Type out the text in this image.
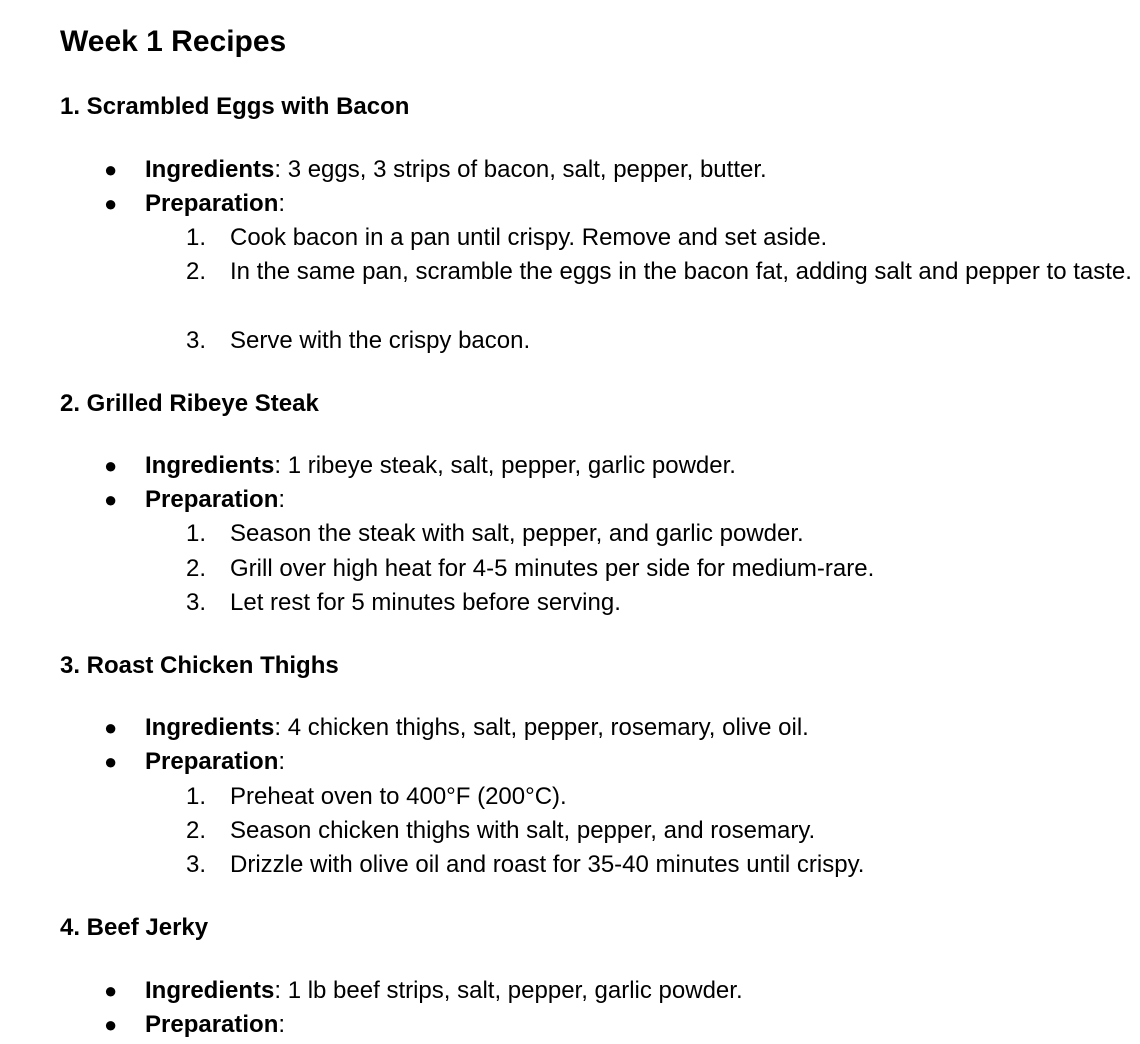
Week 1 Recipes
1. Scrambled Eggs with Bacon
● Ingredients: 3 eggs, 3 strips of bacon, salt, pepper, butter.
● Preparation:
1. Cook bacon in a pan until crispy. Remove and set aside.
2. In the same pan, scramble the eggs in the bacon fat, adding salt and pepper to taste.
3. Serve with the crispy bacon.
2. Grilled Ribeye Steak
● Ingredients: 1 ribeye steak, salt, pepper, garlic powder.
● Preparation:
1. Season the steak with salt, pepper, and garlic powder.
2. Grill over high heat for 4-5 minutes per side for medium-rare.
3. Let rest for 5 minutes before serving.
3. Roast Chicken Thighs
● Ingredients: 4 chicken thighs, salt, pepper, rosemary, olive oil.
● Preparation:
1. Preheat oven to 400°F (200°C).
2. Season chicken thighs with salt, pepper, and rosemary.
3. Drizzle with olive oil and roast for 35-40 minutes until crispy.
4. Beef Jerky
● Ingredients: 1 lb beef strips, salt, pepper, garlic powder.
● Preparation:
